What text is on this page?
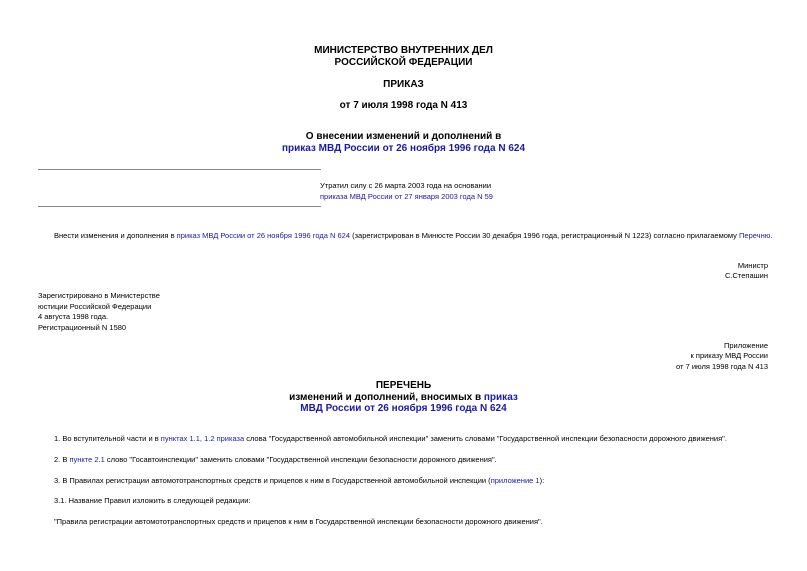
МИНИСТЕРСТВО ВНУТРЕННИХ ДЕЛ
РОССИЙСКОЙ ФЕДЕРАЦИИ
ПРИКАЗ
от 7 июля 1998 года N 413
О внесении изменений и дополнений в
приказ МВД России от 26 ноября 1996 года N 624
Утратил силу с 26 марта 2003 года на основании
приказа МВД России от 27 января 2003 года N 59
Внести изменения и дополнения в приказ МВД России от 26 ноября 1996 года N 624 (зарегистрирован в Минюсте России 30 декабря 1996 года, регистрационный N 1223) согласно прилагаемому Перечню.
Министр
С.Степашин
Зарегистрировано в Министерстве
юстиции Российской Федерации
4 августа 1998 года.
Регистрационный N 1580
Приложение
к приказу МВД России
от 7 июля 1998 года N 413
ПЕРЕЧЕНЬ
изменений и дополнений, вносимых в приказ
МВД России от 26 ноября 1996 года N 624
1. Во вступительной части и в пунктах 1.1, 1.2 приказа слова "Государственной автомобильной инспекции" заменить словами "Государственной инспекции безопасности дорожного движения".
2. В пункте 2.1 слово "Госавтоинспекции" заменить словами "Государственной инспекции безопасности дорожного движения".
3. В Правилах регистрации автомототранспортных средств и прицепов к ним в Государственной автомобильной инспекции (приложение 1):
3.1. Название Правил изложить в следующей редакции:
"Правила регистрации автомототранспортных средств и прицепов к ним в Государственной инспекции безопасности дорожного движения".
